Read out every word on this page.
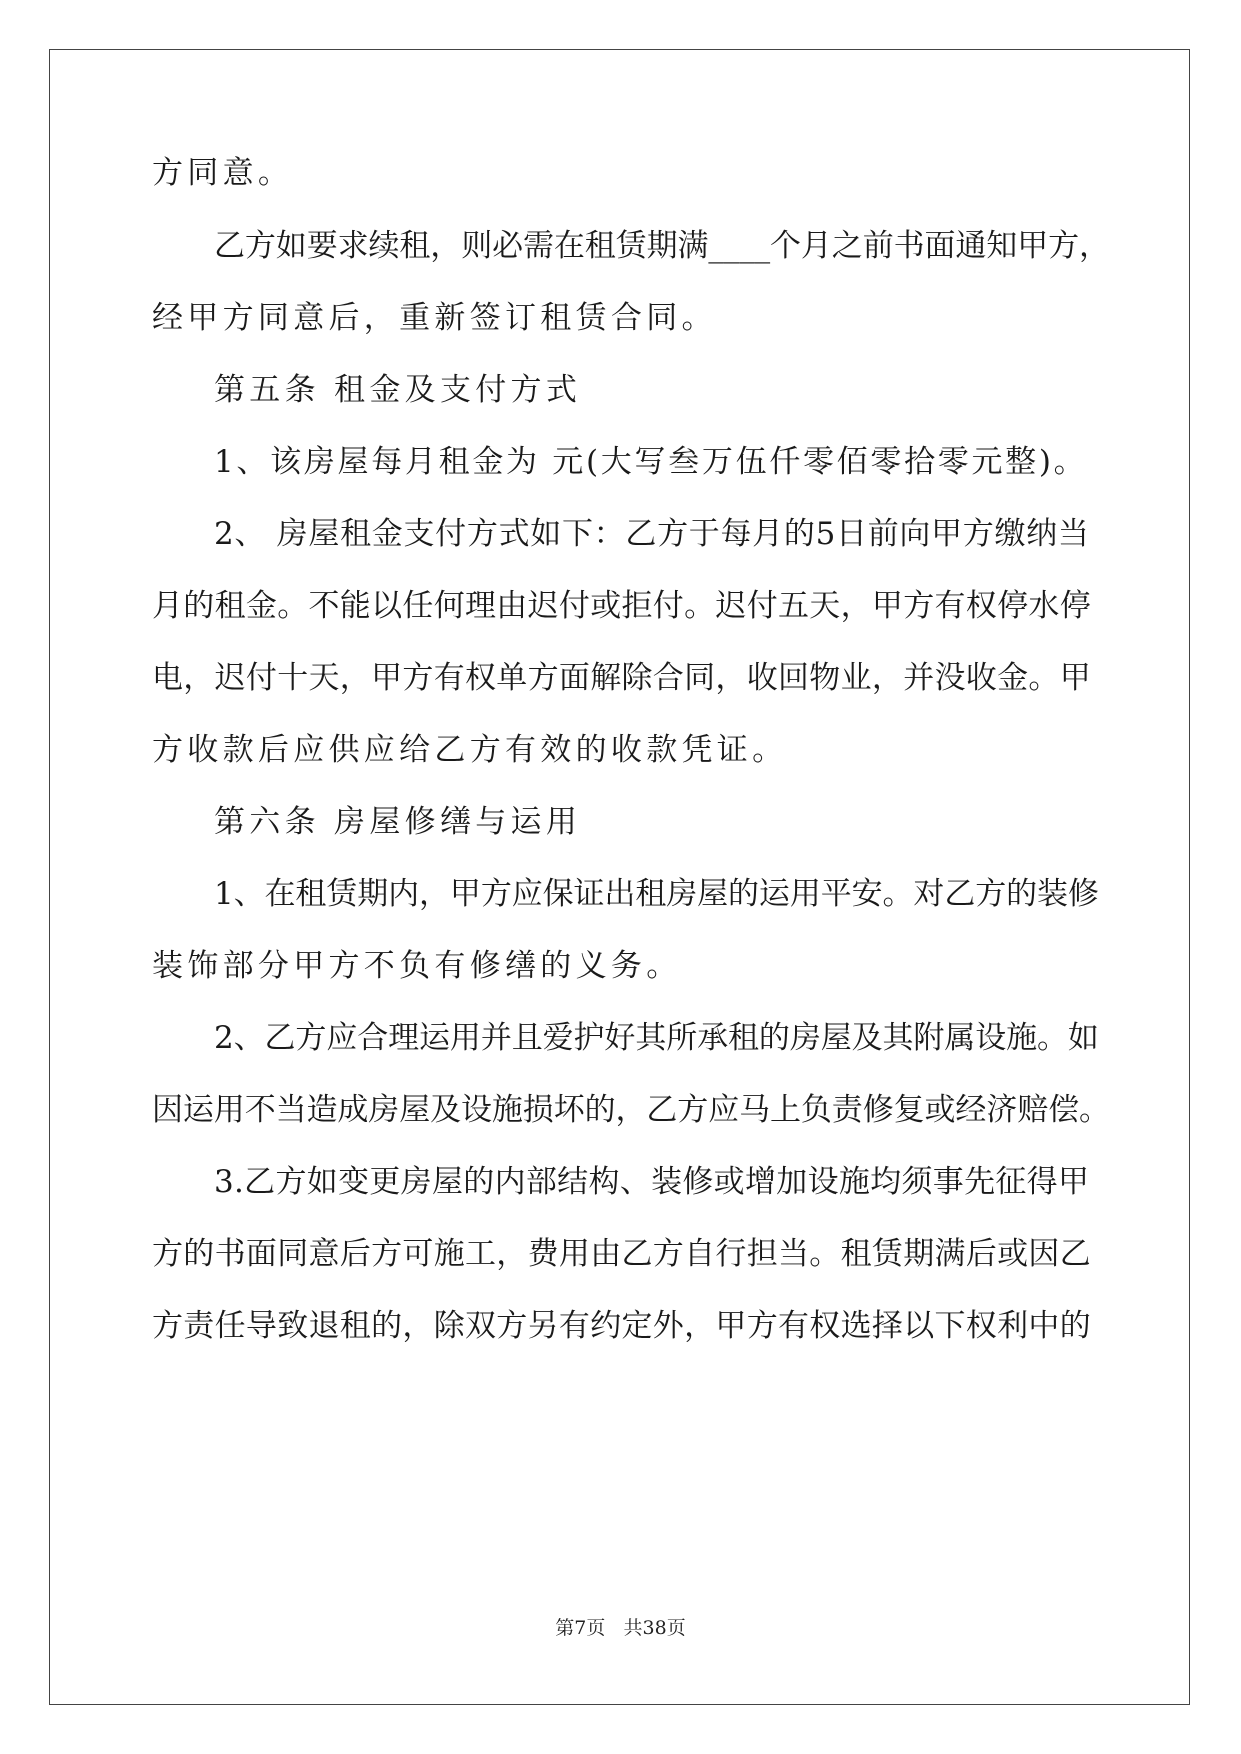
方同意。
乙方如要求续租，则必需在租赁期满____个月之前书面通知甲方，
经甲方同意后，重新签订租赁合同。
第五条 租金及支付方式
1、该房屋每月租金为 元(大写叁万伍仟零佰零拾零元整)。
2、 房屋租金支付方式如下：乙方于每月的5日前向甲方缴纳当
月的租金。不能以任何理由迟付或拒付。迟付五天，甲方有权停水停
电，迟付十天，甲方有权单方面解除合同，收回物业，并没收金。甲
方收款后应供应给乙方有效的收款凭证。
第六条 房屋修缮与运用
1、在租赁期内，甲方应保证出租房屋的运用平安。对乙方的装修
装饰部分甲方不负有修缮的义务。
2、乙方应合理运用并且爱护好其所承租的房屋及其附属设施。如
因运用不当造成房屋及设施损坏的，乙方应马上负责修复或经济赔偿。
3.乙方如变更房屋的内部结构、装修或增加设施均须事先征得甲
方的书面同意后方可施工，费用由乙方自行担当。租赁期满后或因乙
方责任导致退租的，除双方另有约定外，甲方有权选择以下权利中的
第7页 共38页
